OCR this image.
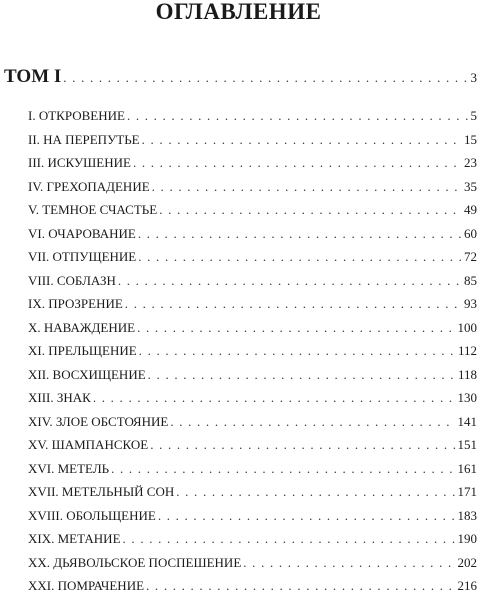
ОГЛАВЛЕНИЕ
ТОМ I . . .	3
I. ОТКРОВЕНИЕ . . .	5
II. НА ПЕРЕПУТЬЕ . . .	15
III. ИСКУШЕНИЕ . . .	23
IV. ГРЕХОПАДЕНИЕ . . .	35
V. ТЕМНОЕ СЧАСТЬЕ . . .	49
VI. ОЧАРОВАНИЕ . . .	60
VII. ОТПУЩЕНИЕ . . .	72
VIII. СОБЛАЗН . . .	85
IX. ПРОЗРЕНИЕ . . .	93
X. НАВАЖДЕНИЕ . . .	100
XI. ПРЕЛЬЩЕНИЕ . . .	112
XII. ВОСХИЩЕНИЕ . . .	118
XIII. ЗНАК . . .	130
XIV. ЗЛОЕ ОБСТОЯНИЕ . . .	141
XV. ШАМПАНСКОЕ . . .	151
XVI. МЕТЕЛЬ . . .	161
XVII. МЕТЕЛЬНЫЙ СОН . . .	171
XVIII. ОБОЛЬЩЕНИЕ . . .	183
XIX. МЕТАНИЕ . . .	190
XX. ДЬЯВОЛЬСКОЕ ПОСПЕШЕНИЕ . . .	202
XXI. ПОМРАЧЕНИЕ . . .	216
